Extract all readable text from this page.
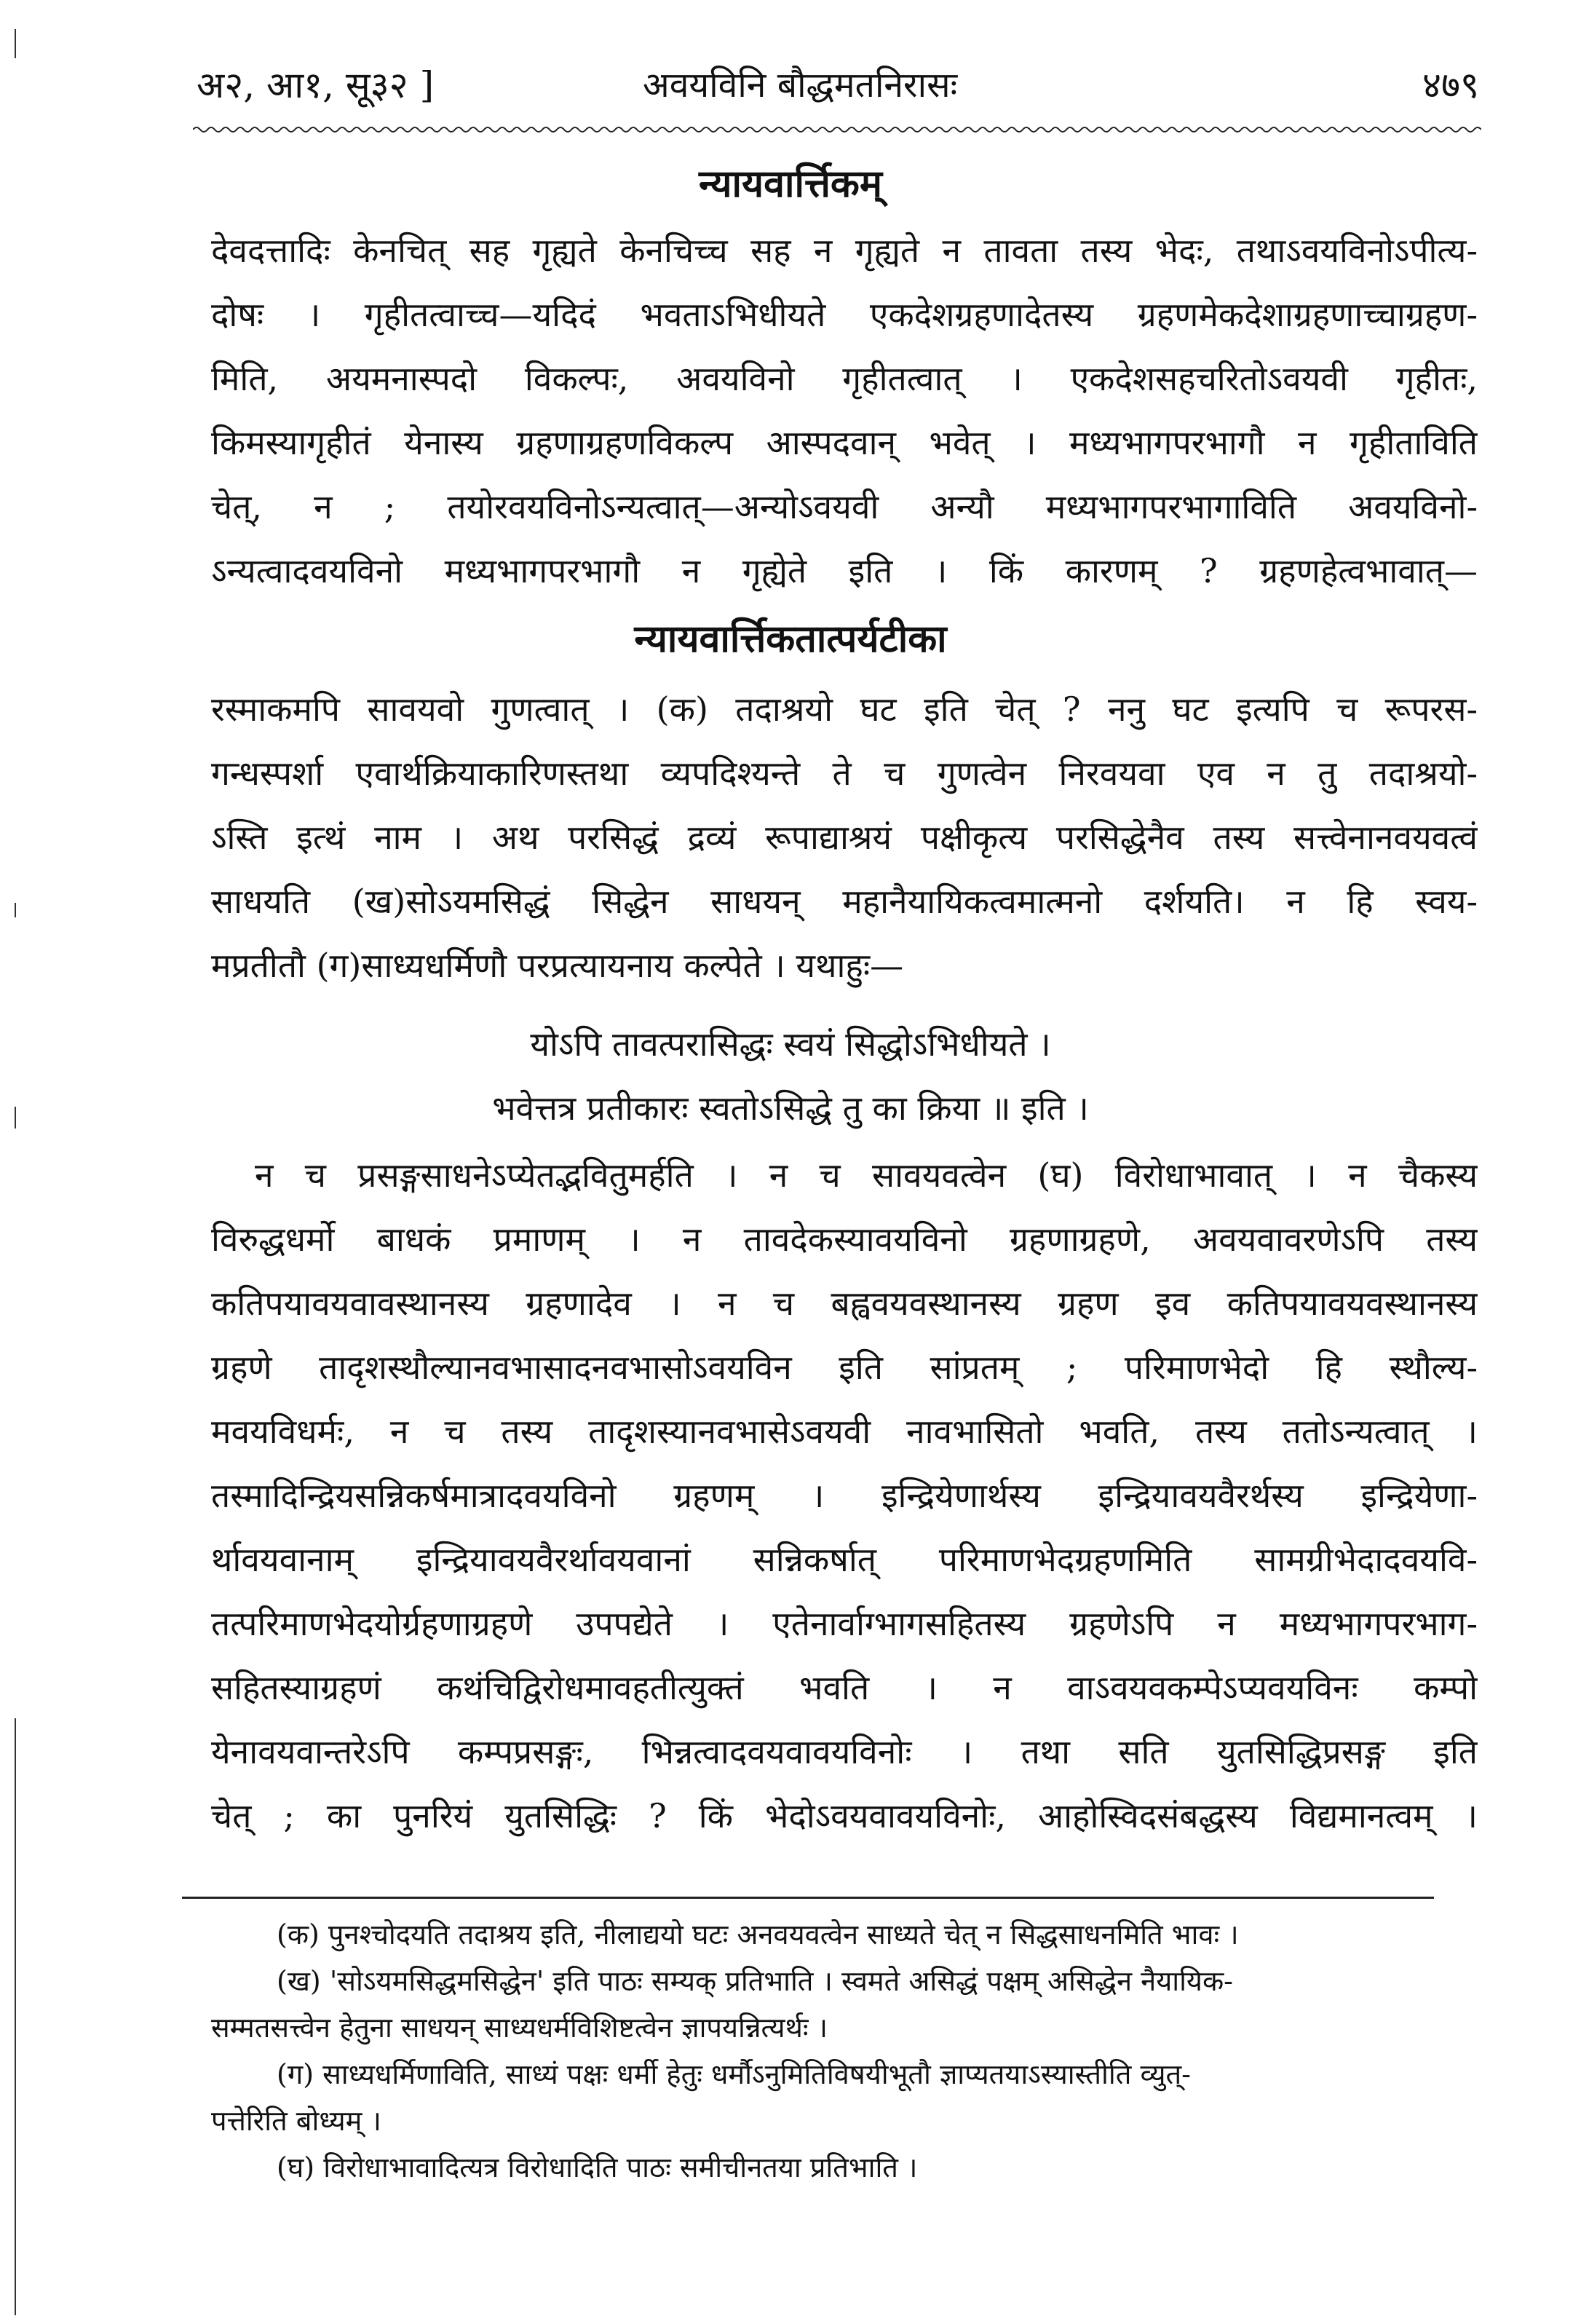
अ२, आ१, सू३२ ]	अवयविनि बौद्धमतनिरासः	४७९
न्यायवार्त्तिकम्
देवदत्तादिः केनचित् सह गृह्यते केनचिच्च सह न गृह्यते न तावता तस्य भेदः, तथाऽवयविनोऽपीत्य-
दोषः । गृहीतत्वाच्च—यदिदं भवताऽभिधीयते एकदेशग्रहणादेतस्य ग्रहणमेकदेशाग्रहणाच्चाग्रहण-
मिति, अयमनास्पदो विकल्पः, अवयविनो गृहीतत्वात् । एकदेशसहचरितोऽवयवी गृहीतः,
किमस्यागृहीतं येनास्य ग्रहणाग्रहणविकल्प आस्पदवान् भवेत् । मध्यभागपरभागौ न गृहीताविति
चेत्, न ; तयोरवयविनोऽन्यत्वात्—अन्योऽवयवी अन्यौ मध्यभागपरभागाविति अवयविनो-
ऽन्यत्वादवयविनो मध्यभागपरभागौ न गृह्येते इति । किं कारणम् ? ग्रहणहेत्वभावात्—
न्यायवार्त्तिकतात्पर्यटीका
रस्माकमपि सावयवो गुणत्वात् । (क) तदाश्रयो घट इति चेत् ? ननु घट इत्यपि च रूपरस-
गन्धस्पर्शा एवार्थक्रियाकारिणस्तथा व्यपदिश्यन्ते ते च गुणत्वेन निरवयवा एव न तु तदाश्रयो-
ऽस्ति इत्थं नाम । अथ परसिद्धं द्रव्यं रूपाद्याश्रयं पक्षीकृत्य परसिद्धेनैव तस्य सत्त्वेनानवयवत्वं
साधयति (ख)सोऽयमसिद्धं सिद्धेन साधयन् महानैयायिकत्वमात्मनो दर्शयति। न हि स्वय-
मप्रतीतौ (ग)साध्यधर्मिणौ परप्रत्यायनाय कल्पेते । यथाहुः—
योऽपि तावत्परासिद्धः स्वयं सिद्धोऽभिधीयते ।
भवेत्तत्र प्रतीकारः स्वतोऽसिद्धे तु का क्रिया ॥ इति ।
न च प्रसङ्गसाधनेऽप्येतद्भवितुमर्हति । न च सावयवत्वेन (घ) विरोधाभावात् । न चैकस्य
विरुद्धधर्मो बाधकं प्रमाणम् । न तावदेकस्यावयविनो ग्रहणाग्रहणे, अवयवावरणेऽपि तस्य
कतिपयावयवावस्थानस्य ग्रहणादेव । न च बह्ववयवस्थानस्य ग्रहण इव कतिपयावयवस्थानस्य
ग्रहणे तादृशस्थौल्यानवभासादनवभासोऽवयविन इति सांप्रतम् ; परिमाणभेदो हि स्थौल्य-
मवयविधर्मः, न च तस्य तादृशस्यानवभासेऽवयवी नावभासितो भवति, तस्य ततोऽन्यत्वात् ।
तस्मादिन्द्रियसन्निकर्षमात्रादवयविनो ग्रहणम् । इन्द्रियेणार्थस्य इन्द्रियावयवैरर्थस्य इन्द्रियेणा-
र्थावयवानाम् इन्द्रियावयवैरर्थावयवानां सन्निकर्षात् परिमाणभेदग्रहणमिति सामग्रीभेदादवयवि-
तत्परिमाणभेदयोर्ग्रहणाग्रहणे उपपद्येते । एतेनार्वाग्भागसहितस्य ग्रहणेऽपि न मध्यभागपरभाग-
सहितस्याग्रहणं कथंचिद्विरोधमावहतीत्युक्तं भवति । न वाऽवयवकम्पेऽप्यवयविनः कम्पो
येनावयवान्तरेऽपि कम्पप्रसङ्गः, भिन्नत्वादवयवावयविनोः । तथा सति युतसिद्धिप्रसङ्ग इति
चेत् ; का पुनरियं युतसिद्धिः ? किं भेदोऽवयवावयविनोः, आहोस्विदसंबद्धस्य विद्यमानत्वम् ।
(क) पुनश्चोदयति तदाश्रय इति, नीलाद्ययो घटः अनवयवत्वेन साध्यते चेत् न सिद्धसाधनमिति भावः ।
(ख) 'सोऽयमसिद्धमसिद्धेन' इति पाठः सम्यक् प्रतिभाति । स्वमते असिद्धं पक्षम् असिद्धेन नैयायिक-
सम्मतसत्त्वेन हेतुना साधयन् साध्यधर्मविशिष्टत्वेन ज्ञापयन्नित्यर्थः ।
(ग) साध्यधर्मिणाविति, साध्यं पक्षः धर्मी हेतुः धर्मौऽनुमितिविषयीभूतौ ज्ञाप्यतयाऽस्यास्तीति व्युत्-
पत्तेरिति बोध्यम् ।
(घ) विरोधाभावादित्यत्र विरोधादिति पाठः समीचीनतया प्रतिभाति ।
